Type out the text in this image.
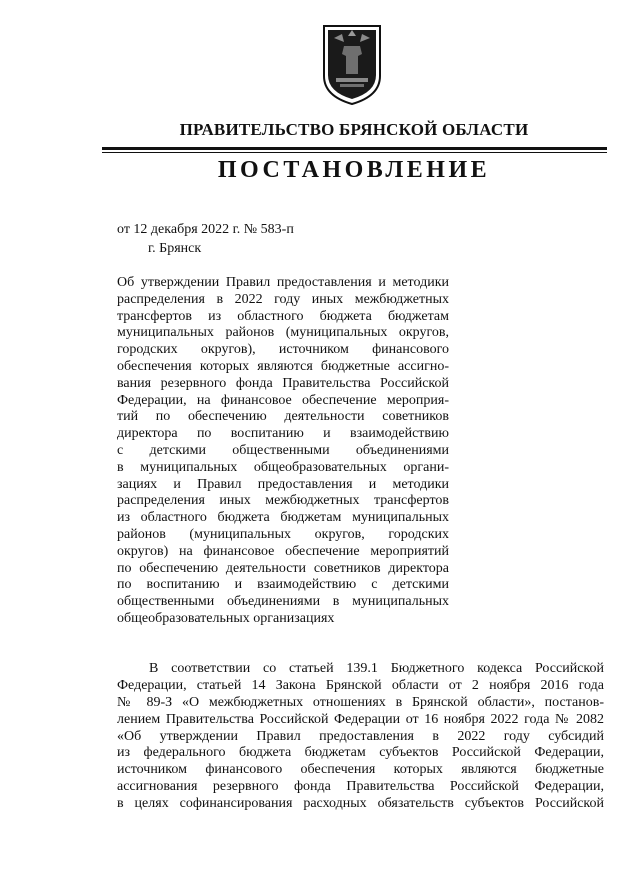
ПРАВИТЕЛЬСТВО БРЯНСКОЙ ОБЛАСТИ
ПОСТАНОВЛЕНИЕ
от 12 декабря 2022 г. № 583-п
г. Брянск
Об утверждении Правил предоставления и методики
распределения в 2022 году иных межбюджетных
трансфертов из областного бюджета бюджетам
муниципальных районов (муниципальных округов,
городских округов), источником финансового
обеспечения которых являются бюджетные ассигно-
вания резервного фонда Правительства Российской
Федерации, на финансовое обеспечение мероприя-
тий по обеспечению деятельности советников
директора по воспитанию и взаимодействию
с детскими общественными объединениями
в муниципальных общеобразовательных органи-
зациях и Правил предоставления и методики
распределения иных межбюджетных трансфертов
из областного бюджета бюджетам муниципальных
районов (муниципальных округов, городских
округов) на финансовое обеспечение мероприятий
по обеспечению деятельности советников директора
по воспитанию и взаимодействию с детскими
общественными объединениями в муниципальных
общеобразовательных организациях
В соответствии со статьей 139.1 Бюджетного кодекса Российской
Федерации, статьей 14 Закона Брянской области от 2 ноября 2016 года
№ 89-З «О межбюджетных отношениях в Брянской области», постанов-
лением Правительства Российской Федерации от 16 ноября 2022 года № 2082
«Об утверждении Правил предоставления в 2022 году субсидий
из федерального бюджета бюджетам субъектов Российской Федерации,
источником финансового обеспечения которых являются бюджетные
ассигнования резервного фонда Правительства Российской Федерации,
в целях софинансирования расходных обязательств субъектов Российской
